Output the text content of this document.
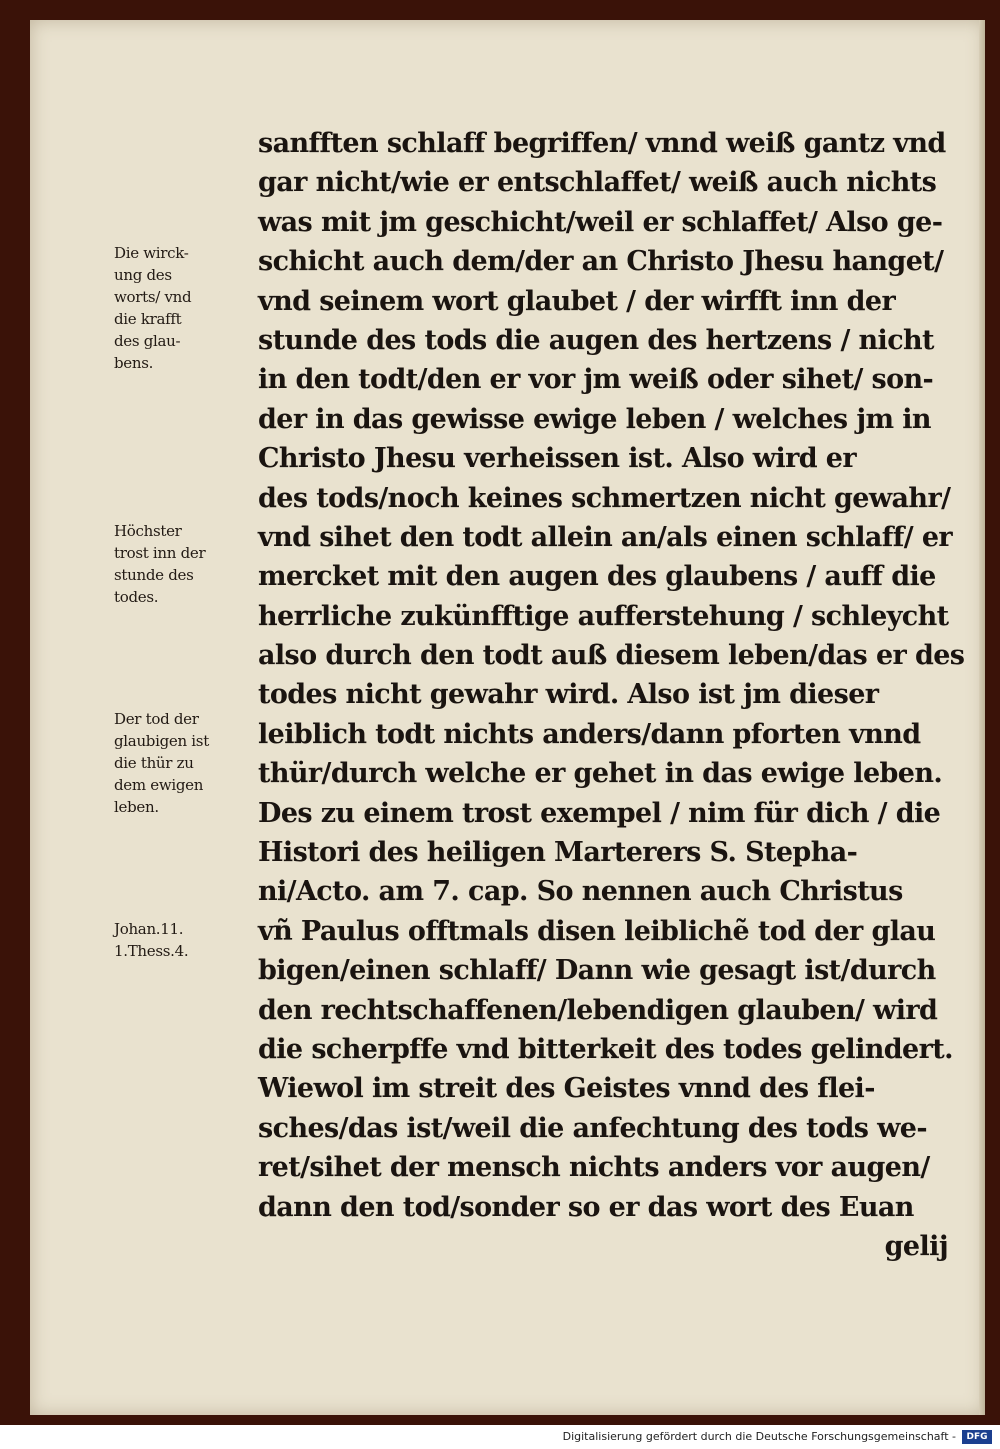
sanfften schlaff begriffen/ vnnd weiß gantz vnd
gar nicht/wie er entschlaffet/ weiß auch nichts
was mit jm geschicht/weil er schlaffet/ Also ge-
schicht auch dem/der an Christo Jhesu hanget/
vnd seinem wort glaubet / der wirfft inn der
stunde des tods die augen des hertzens / nicht
in den todt/den er vor jm weiß oder sihet/ son-
der in das gewisse ewige leben / welches jm in
Christo Jhesu verheissen ist. Also wird er
des tods/noch keines schmertzen nicht gewahr/
vnd sihet den todt allein an/als einen schlaff/ er
mercket mit den augen des glaubens / auff die
herrliche zukünfftige aufferstehung / schleycht
also durch den todt auß diesem leben/das er des
todes nicht gewahr wird. Also ist jm dieser
leiblich todt nichts anders/dann pforten vnnd
thür/durch welche er gehet in das ewige leben.
Des zu einem trost exempel / nim für dich / die
Histori des heiligen Marterers S. Stepha-
ni/Acto. am 7. cap. So nennen auch Christus
vñ Paulus offtmals disen leiblichẽ tod der glau
bigen/einen schlaff/ Dann wie gesagt ist/durch
den rechtschaffenen/lebendigen glauben/ wird
die scherpffe vnd bitterkeit des todes gelindert.
Wiewol im streit des Geistes vnnd des flei-
sches/das ist/weil die anfechtung des tods we-
ret/sihet der mensch nichts anders vor augen/
dann den tod/sonder so er das wort des Euan
gelij
Die wirck-
ung des
worts/ vnd
die krafft
des glau-
bens.
Höchster
trost inn der
stunde des
todes.
Der tod der
glaubigen ist
die thür zu
dem ewigen
leben.
Johan.11.
1.Thess.4.
Digitalisierung gefördert durch die Deutsche Forschungsgemeinschaft -	DFG
